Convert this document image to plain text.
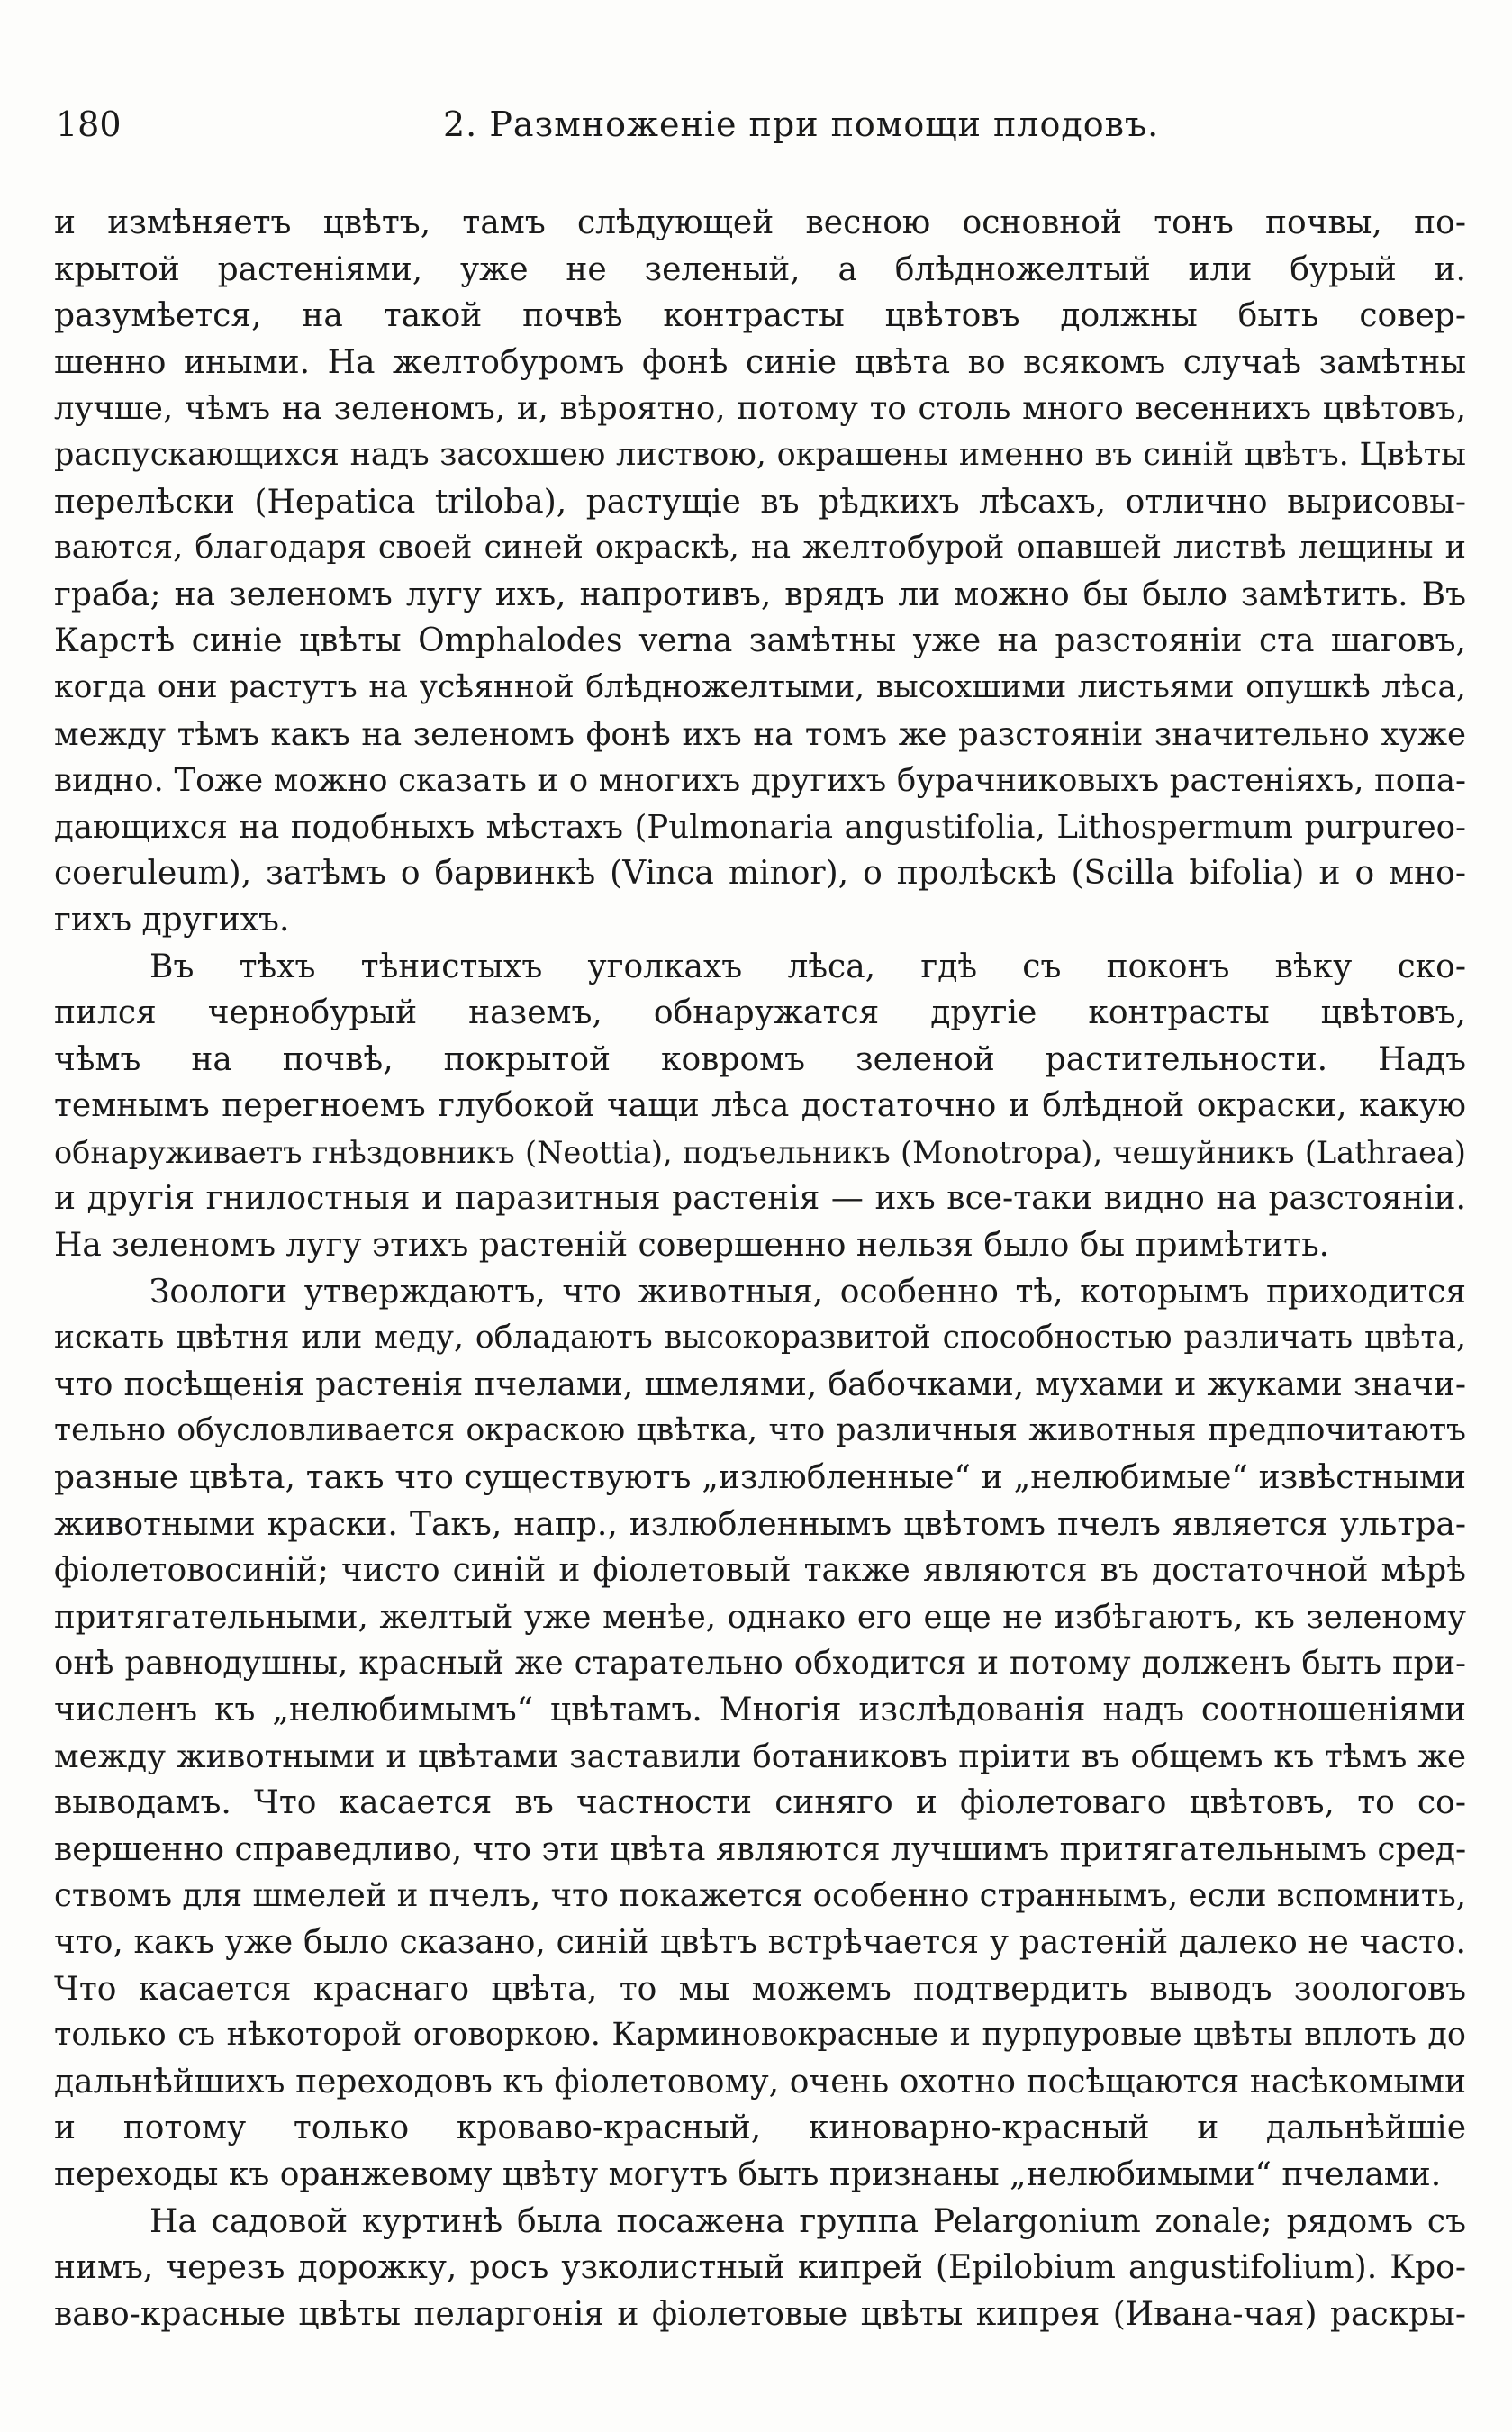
180	2. Размноженіе при помощи плодовъ.
и измѣняетъ цвѣтъ, тамъ слѣдующей весною основной тонъ почвы, по-
крытой растеніями, уже не зеленый, а блѣдножелтый или бурый и.
разумѣется, на такой почвѣ контрасты цвѣтовъ должны быть совер-
шенно иными. На желтобуромъ фонѣ синіе цвѣта во всякомъ случаѣ замѣтны
лучше, чѣмъ на зеленомъ, и, вѣроятно, потому то столь много весеннихъ цвѣтовъ,
распускающихся надъ засохшею листвою, окрашены именно въ синій цвѣтъ. Цвѣты
перелѣски (Hepatica triloba), растущіе въ рѣдкихъ лѣсахъ, отлично вырисовы-
ваются, благодаря своей синей окраскѣ, на желтобурой опавшей листвѣ лещины и
граба; на зеленомъ лугу ихъ, напротивъ, врядъ ли можно бы было замѣтить. Въ
Карстѣ синіе цвѣты Omphalodes verna замѣтны уже на разстояніи ста шаговъ,
когда они растутъ на усѣянной блѣдножелтыми, высохшими листьями опушкѣ лѣса,
между тѣмъ какъ на зеленомъ фонѣ ихъ на томъ же разстояніи значительно хуже
видно. Тоже можно сказать и о многихъ другихъ бурачниковыхъ растеніяхъ, попа-
дающихся на подобныхъ мѣстахъ (Pulmonaria angustifolia, Lithospermum purpureo-
coeruleum), затѣмъ о барвинкѣ (Vinca minor), о пролѣскѣ (Scilla bifolia) и о мно-
гихъ другихъ.
Въ тѣхъ тѣнистыхъ уголкахъ лѣса, гдѣ съ поконъ вѣку ско-
пился чернобурый наземъ, обнаружатся другіе контрасты цвѣтовъ,
чѣмъ на почвѣ, покрытой ковромъ зеленой растительности. Надъ
темнымъ перегноемъ глубокой чащи лѣса достаточно и блѣдной окраски, какую
обнаруживаетъ гнѣздовникъ (Neottia), подъельникъ (Monotropa), чешуйникъ (Lathraea)
и другія гнилостныя и паразитныя растенія — ихъ все-таки видно на разстояніи.
На зеленомъ лугу этихъ растеній совершенно нельзя было бы примѣтить.
Зоологи утверждаютъ, что животныя, особенно тѣ, которымъ приходится
искать цвѣтня или меду, обладаютъ высокоразвитой способностью различать цвѣта,
что посѣщенія растенія пчелами, шмелями, бабочками, мухами и жуками значи-
тельно обусловливается окраскою цвѣтка, что различныя животныя предпочитаютъ
разные цвѣта, такъ что существуютъ „излюбленные“ и „нелюбимые“ извѣстными
животными краски. Такъ, напр., излюбленнымъ цвѣтомъ пчелъ является ультра-
фіолетовосиній; чисто синій и фіолетовый также являются въ достаточной мѣрѣ
притягательными, желтый уже менѣе, однако его еще не избѣгаютъ, къ зеленому
онѣ равнодушны, красный же старательно обходится и потому долженъ быть при-
численъ къ „нелюбимымъ“ цвѣтамъ. Многія изслѣдованія надъ соотношеніями
между животными и цвѣтами заставили ботаниковъ пріити въ общемъ къ тѣмъ же
выводамъ. Что касается въ частности синяго и фіолетоваго цвѣтовъ, то со-
вершенно справедливо, что эти цвѣта являются лучшимъ притягательнымъ сред-
ствомъ для шмелей и пчелъ, что покажется особенно страннымъ, если вспомнить,
что, какъ уже было сказано, синій цвѣтъ встрѣчается у растеній далеко не часто.
Что касается краснаго цвѣта, то мы можемъ подтвердить выводъ зоологовъ
только съ нѣкоторой оговоркою. Карминовокрасные и пурпуровые цвѣты вплоть до
дальнѣйшихъ переходовъ къ фіолетовому, очень охотно посѣщаются насѣкомыми
и потому только кроваво-красный, киноварно-красный и дальнѣйшіе
переходы къ оранжевому цвѣту могутъ быть признаны „нелюбимыми“ пчелами.
На садовой куртинѣ была посажена группа Pelargonium zonale; рядомъ съ
нимъ, черезъ дорожку, росъ узколистный кипрей (Epilobium angustifolium). Кро-
ваво-красные цвѣты пеларгонія и фіолетовые цвѣты кипрея (Ивана-чая) раскры-
